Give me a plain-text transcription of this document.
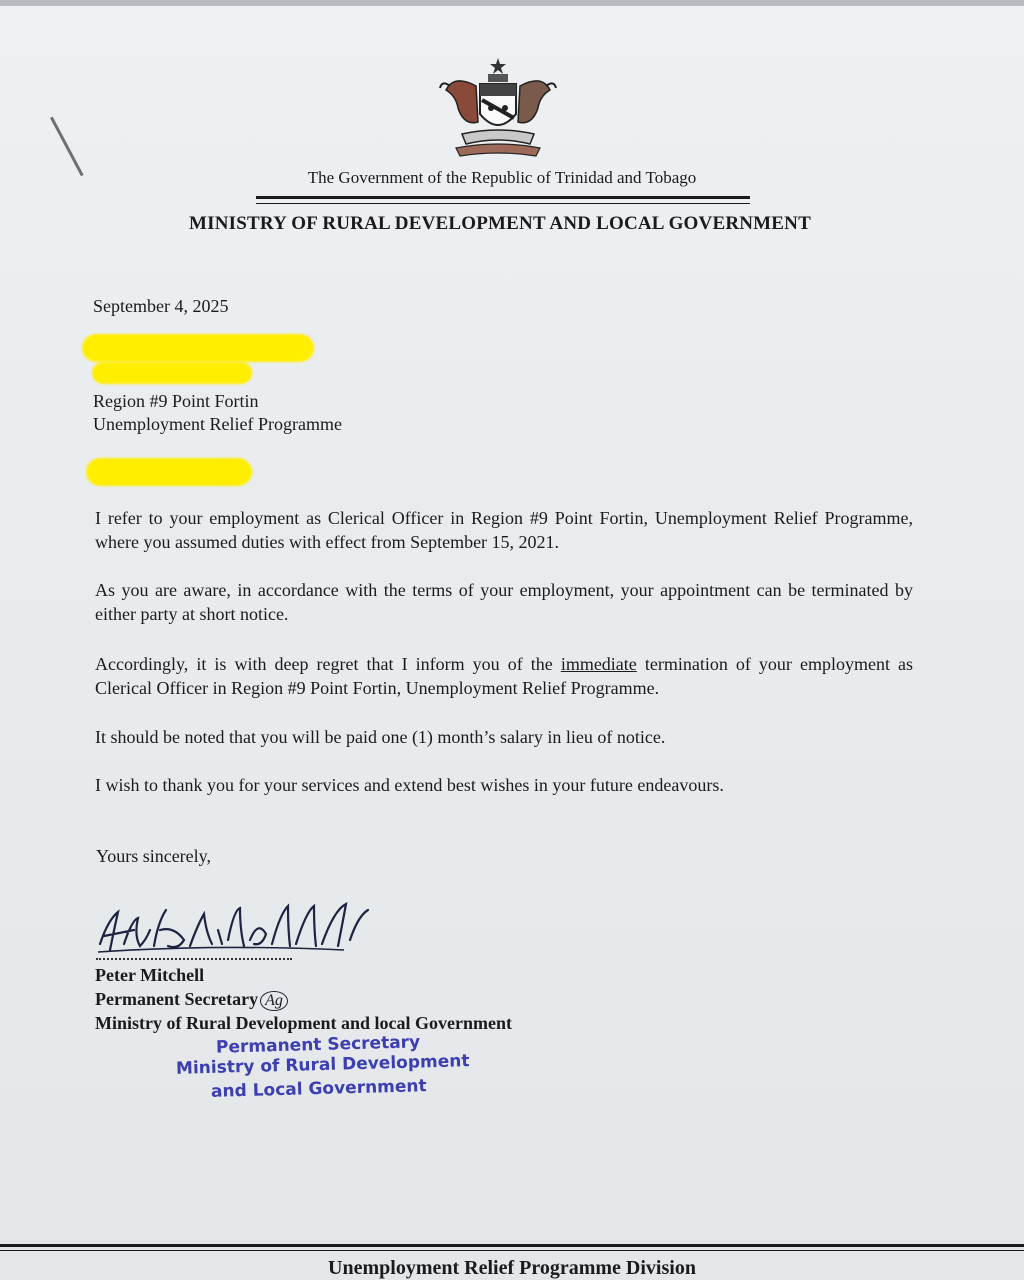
The Government of the Republic of Trinidad and Tobago
MINISTRY OF RURAL DEVELOPMENT AND LOCAL GOVERNMENT
September 4, 2025
Region #9 Point Fortin
Unemployment Relief Programme
I refer to your employment as Clerical Officer in Region #9 Point Fortin, Unemployment Relief Programme, where you assumed duties with effect from September 15, 2021.
As you are aware, in accordance with the terms of your employment, your appointment can be terminated by either party at short notice.
Accordingly, it is with deep regret that I inform you of the immediate termination of your employment as Clerical Officer in Region #9 Point Fortin, Unemployment Relief Programme.
It should be noted that you will be paid one (1) month’s salary in lieu of notice.
I wish to thank you for your services and extend best wishes in your future endeavours.
Yours sincerely,
Peter Mitchell
Permanent Secretary Ag
Ministry of Rural Development and local Government
Permanent Secretary
Ministry of Rural Development
and Local Government
Unemployment Relief Programme Division
